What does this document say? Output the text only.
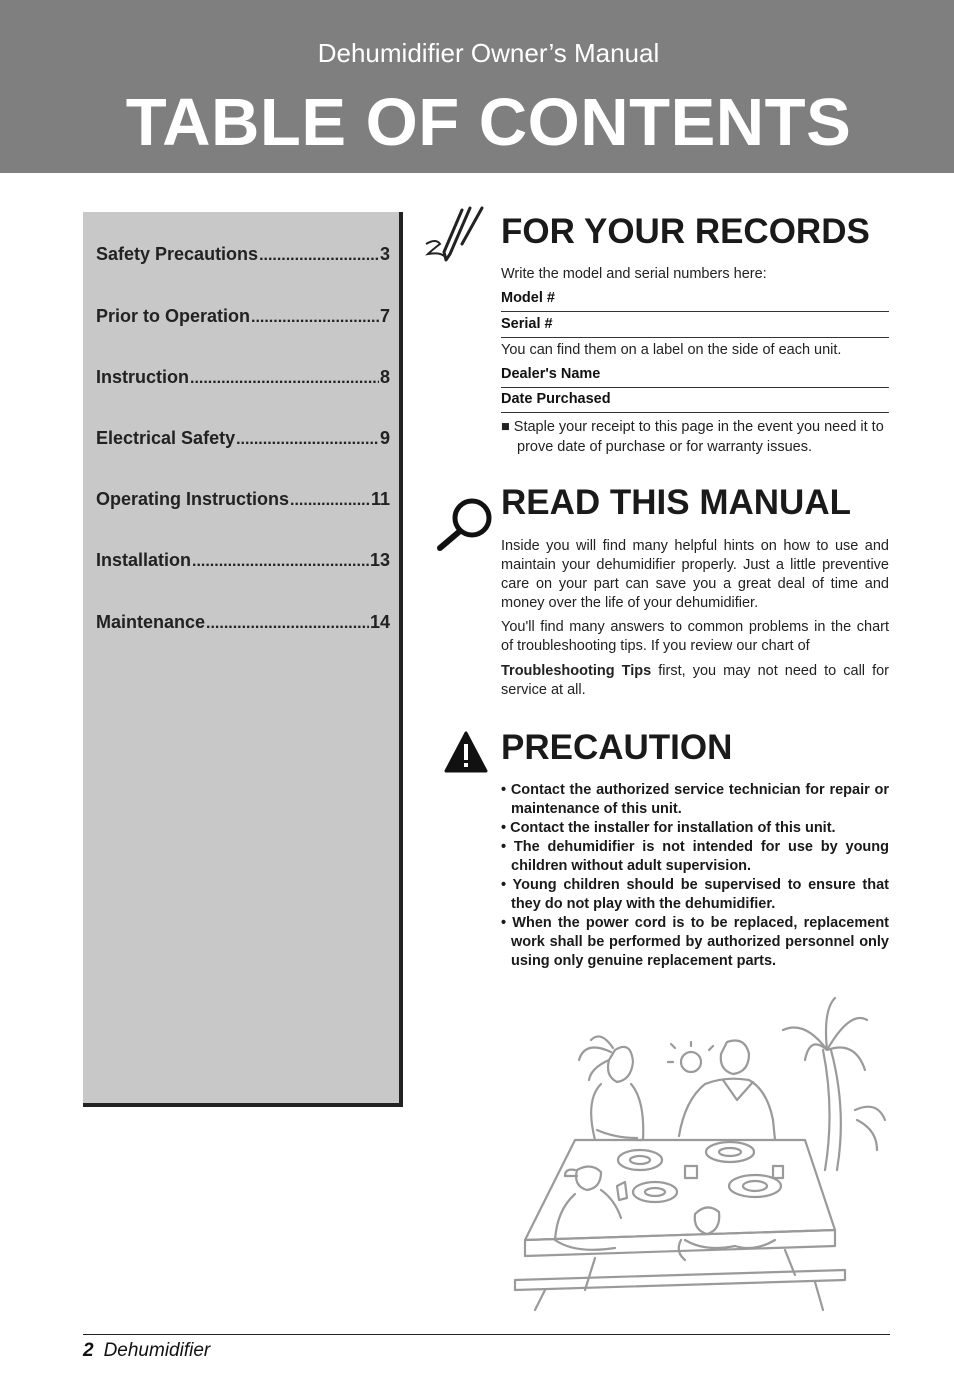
Dehumidifier Owner’s Manual
TABLE OF CONTENTS
Safety Precautions .....	3
Prior to Operation .....	7
Instruction .....	8
Electrical Safety .....	9
Operating Instructions .....	11
Installation .....	13
Maintenance .....	14
FOR YOUR RECORDS
Write the model and serial numbers here:
Model #
Serial #
You can find them on a label on the side of each unit.
Dealer's Name
Date Purchased
■ Staple your receipt to this page in the event you need it to prove date of purchase or for warranty issues.
READ THIS MANUAL
Inside you will find many helpful hints on how to use and maintain your dehumidifier properly. Just a little preventive care on your part can save you a great deal of time and money over the life of your dehumidifier.
You'll find many answers to common problems in the chart of troubleshooting tips. If you review our chart of
Troubleshooting Tips first, you may not need to call for service at all.
PRECAUTION
• Contact the authorized service technician for repair or maintenance of this unit.
• Contact the installer for installation of this unit.
• The dehumidifier is not intended for use by young children without adult supervision.
• Young children should be supervised to ensure that they do not play with the dehumidifier.
• When the power cord is to be replaced, replacement work shall be performed by authorized personnel only using only genuine replacement parts.
2 Dehumidifier
